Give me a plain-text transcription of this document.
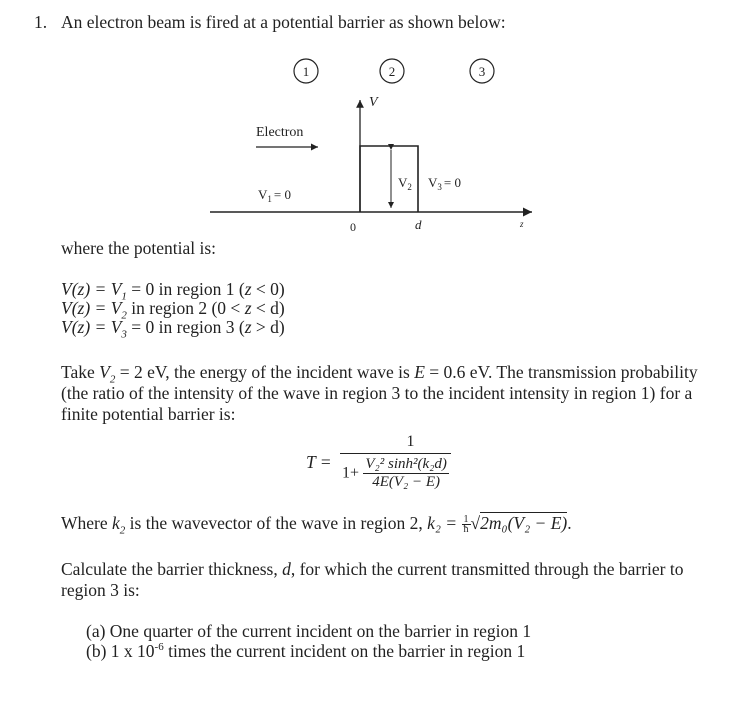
1. An electron beam is fired at a potential barrier as shown below:
1	2	3
V
Electron
$V_1 = 0$
$V_2$ $V_3 = 0$
0	d	z
where the potential is:
$V(z) = V_1 = 0$ in region 1 (z < 0)
$V(z) = V_2$ in region 2 (0 < z < d)
$V(z) = V_3 = 0$ in region 3 (z > d)
Take $V_2 = 2$ eV, the energy of the incident wave is E = 0.6 eV. The transmission probability
(the ratio of the intensity of the wave in region 3 to the incident intensity in region 1) for a
finite potential barrier is:
$T = \frac{1}{1+ \frac{\text{V₂² sinh²(k₂d)}}{\text{4E(V₂ − E)}}}$
Where $k_2$ is the wavevector of the wave in region 2, $k_2 = \frac{1}{ħ} √2m_0(V_2 - E)$.
Calculate the barrier thickness, d, for which the current transmitted through the barrier to
region 3 is:
(a) One quarter of the current incident on the barrier in region 1
(b) 1 x $10^{-6}$ times the current incident on the barrier in region 1
